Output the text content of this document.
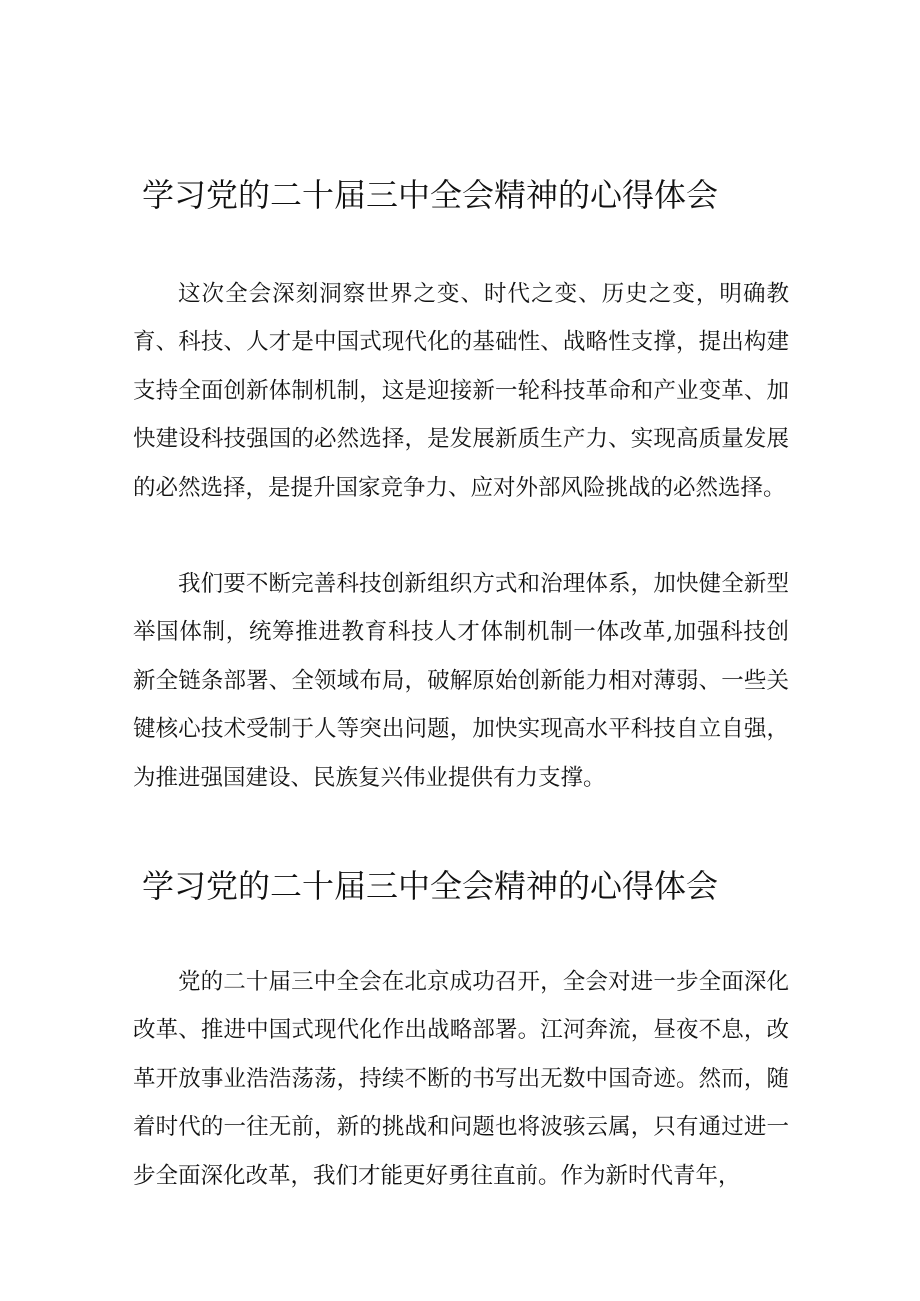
学习党的二十届三中全会精神的心得体会

这次全会深刻洞察世界之变、时代之变、历史之变，明确教育、科技、人才是中国式现代化的基础性、战略性支撑，提出构建支持全面创新体制机制，这是迎接新一轮科技革命和产业变革、加快建设科技强国的必然选择，是发展新质生产力、实现高质量发展的必然选择，是提升国家竞争力、应对外部风险挑战的必然选择。

我们要不断完善科技创新组织方式和治理体系，加快健全新型举国体制，统筹推进教育科技人才体制机制一体改革,加强科技创新全链条部署、全领域布局，破解原始创新能力相对薄弱、一些关键核心技术受制于人等突出问题，加快实现高水平科技自立自强，为推进强国建设、民族复兴伟业提供有力支撑。

学习党的二十届三中全会精神的心得体会

党的二十届三中全会在北京成功召开，全会对进一步全面深化改革、推进中国式现代化作出战略部署。江河奔流，昼夜不息，改革开放事业浩浩荡荡，持续不断的书写出无数中国奇迹。然而，随着时代的一往无前，新的挑战和问题也将波骇云属，只有通过进一步全面深化改革，我们才能更好勇往直前。作为新时代青年，
